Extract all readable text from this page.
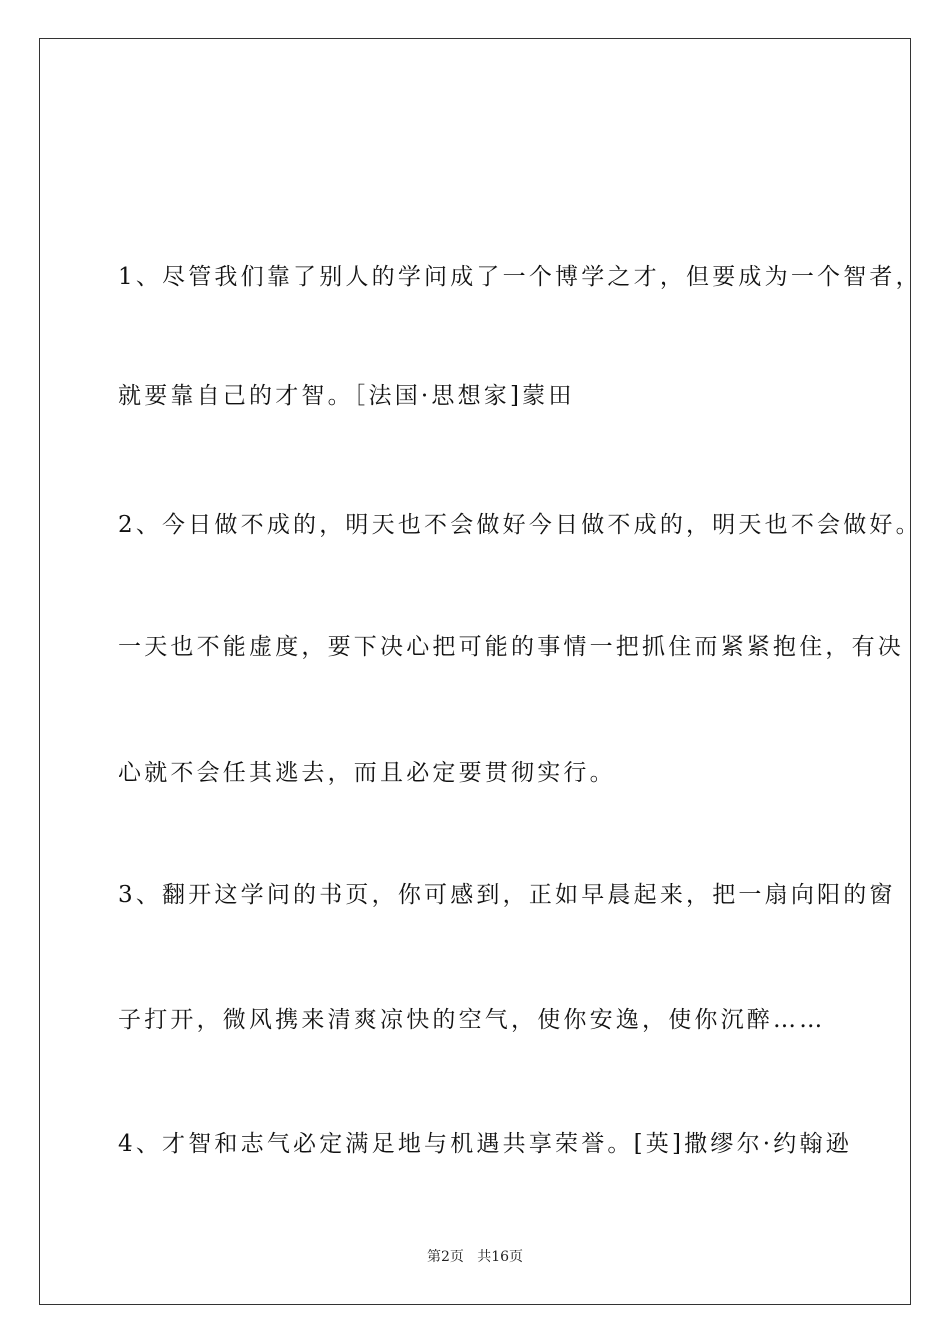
1、尽管我们靠了别人的学问成了一个博学之才，但要成为一个智者，
就要靠自己的才智。［法国·思想家]蒙田
2、今日做不成的，明天也不会做好今日做不成的，明天也不会做好。
一天也不能虚度，要下决心把可能的事情一把抓住而紧紧抱住，有决
心就不会任其逃去，而且必定要贯彻实行。
3、翻开这学问的书页，你可感到，正如早晨起来，把一扇向阳的窗
子打开，微风携来清爽凉快的空气，使你安逸，使你沉醉……
4、才智和志气必定满足地与机遇共享荣誉。[英]撒缪尔·约翰逊
第2页   共16页
